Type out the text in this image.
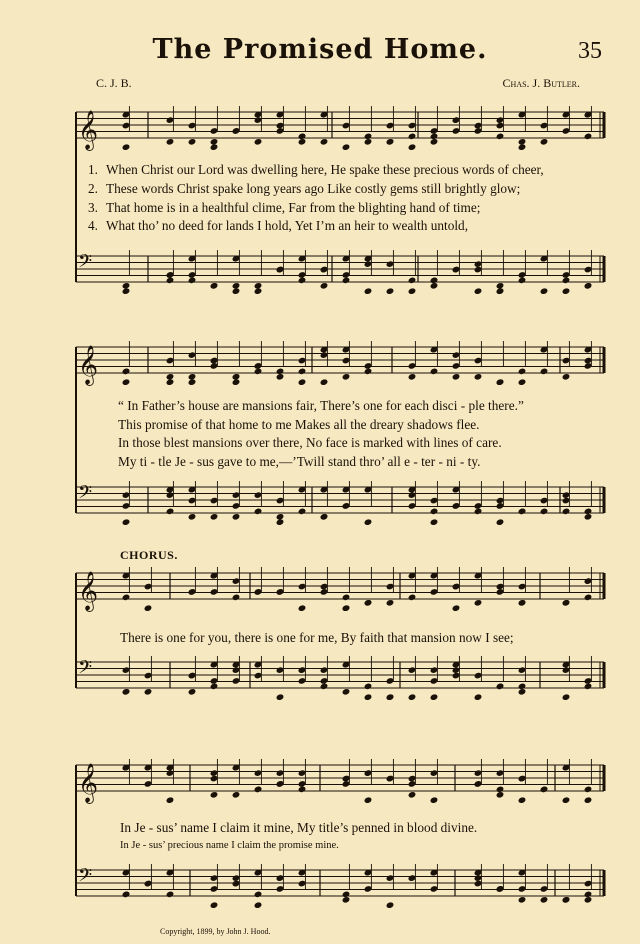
The Promised Home.	35
C. J. B.	Chas. J. Butler.
𝄞
𝄢
𝄞
𝄢
𝄞
𝄢
𝄞
𝄢
1. When Christ our Lord was dwelling here, He spake these precious words of cheer,
2. These words Christ spake long years ago Like costly gems still brightly glow;
3. That home is in a healthful clime, Far from the blighting hand of time;
4. What tho’ no deed for lands I hold, Yet I’m an heir to wealth untold,
“ In Father’s house are mansions fair, There’s one for each disci - ple there.”
This promise of that home to me Makes all the dreary shadows flee.
In those blest mansions over there, No face is marked with lines of care.
My ti - tle Je - sus gave to me,—’Twill stand thro’ all e - ter - ni - ty.
CHORUS.
There is one for you, there is one for me, By faith that mansion now I see;
In Je - sus’ name I claim it mine, My title’s penned in blood divine.
In Je - sus’ precious name I claim the promise mine.
Copyright, 1899, by John J. Hood.
